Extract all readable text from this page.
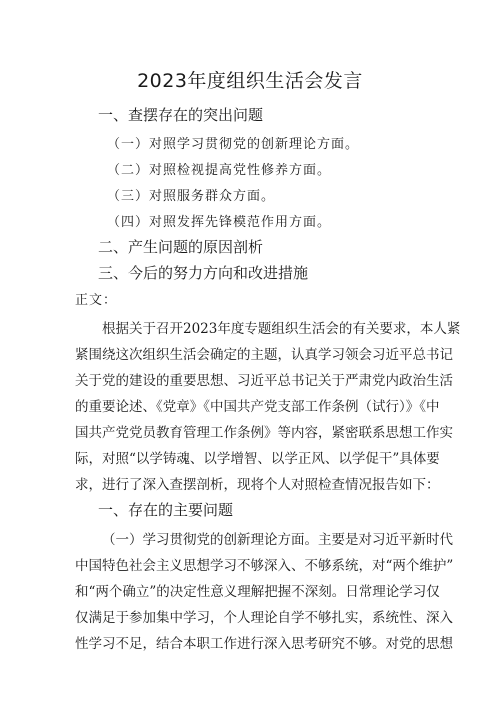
2023年度组织生活会发言
一、查摆存在的突出问题
（一）对照学习贯彻党的创新理论方面。
（二）对照检视提高党性修养方面。
（三）对照服务群众方面。
（四）对照发挥先锋模范作用方面。
二、产生问题的原因剖析
三、今后的努力方向和改进措施
正文：
根据关于召开2023年度专题组织生活会的有关要求，本人紧
紧围绕这次组织生活会确定的主题，认真学习领会习近平总书记
关于党的建设的重要思想、习近平总书记关于严肃党内政治生活
的重要论述、《党章》《中国共产党支部工作条例（试行）》《中
国共产党党员教育管理工作条例》等内容，紧密联系思想工作实
际，对照“以学铸魂、以学增智、以学正风、以学促干”具体要
求，进行了深入查摆剖析，现将个人对照检查情况报告如下：
一、存在的主要问题
（一）学习贯彻党的创新理论方面。主要是对习近平新时代
中国特色社会主义思想学习不够深入、不够系统，对“两个维护”
和“两个确立”的决定性意义理解把握不深刻。日常理论学习仅
仅满足于参加集中学习，个人理论自学不够扎实，系统性、深入
性学习不足，结合本职工作进行深入思考研究不够。对党的思想
